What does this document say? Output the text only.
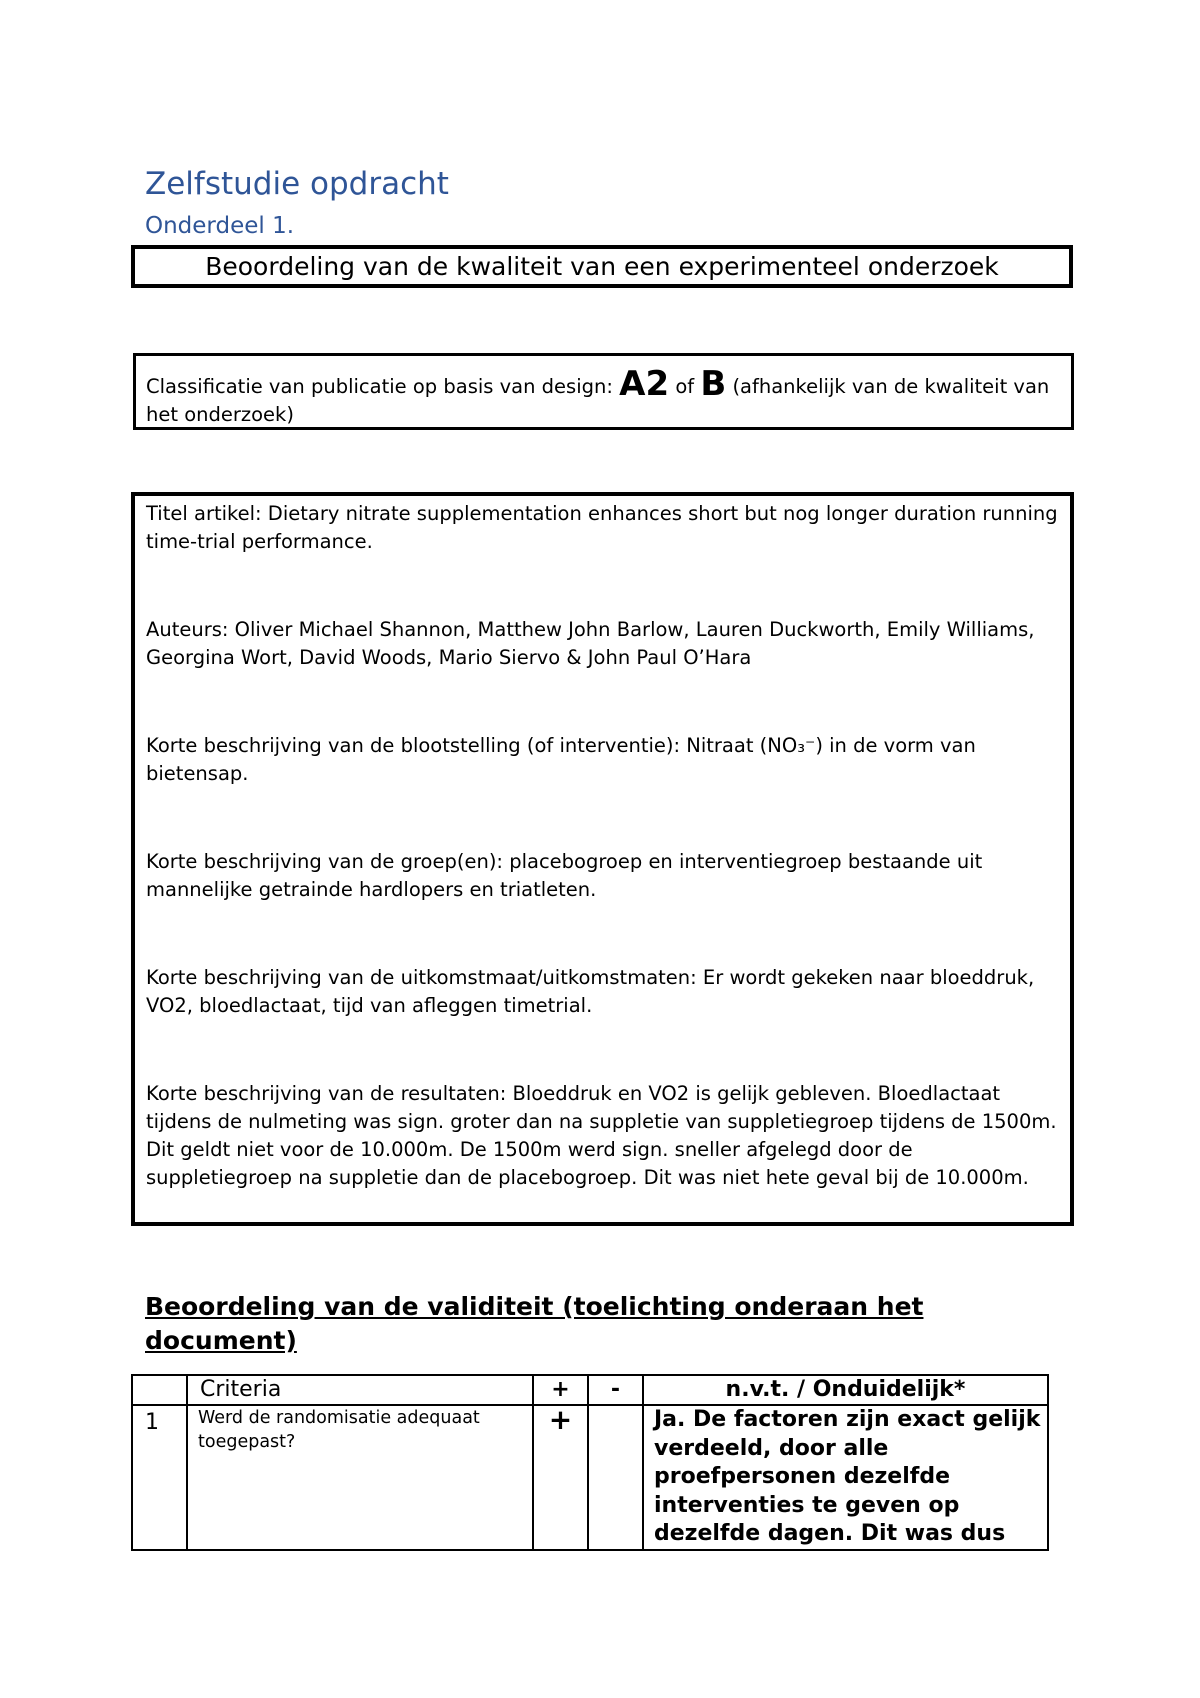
Zelfstudie opdracht
Onderdeel 1.
Beoordeling van de kwaliteit van een experimenteel onderzoek
Classificatie van publicatie op basis van design: A2 of B (afhankelijk van de kwaliteit van het onderzoek)

Titel artikel: Dietary nitrate supplementation enhances short but nog longer duration running time-trial performance.

Auteurs: Oliver Michael Shannon, Matthew John Barlow, Lauren Duckworth, Emily Williams, Georgina Wort, David Woods, Mario Siervo & John Paul O’Hara

Korte beschrijving van de blootstelling (of interventie): Nitraat (NO₃⁻) in de vorm van bietensap.

Korte beschrijving van de groep(en): placebogroep en interventiegroep bestaande uit mannelijke getrainde hardlopers en triatleten.

Korte beschrijving van de uitkomstmaat/uitkomstmaten: Er wordt gekeken naar bloeddruk, VO2, bloedlactaat, tijd van afleggen timetrial.

Korte beschrijving van de resultaten: Bloeddruk en VO2 is gelijk gebleven. Bloedlactaat tijdens de nulmeting was sign. groter dan na suppletie van suppletiegroep tijdens de 1500m. Dit geldt niet voor de 10.000m. De 1500m werd sign. sneller afgelegd door de suppletiegroep na suppletie dan de placebogroep. Dit was niet hete geval bij de 10.000m.

Beoordeling van de validiteit (toelichting onderaan het document)
	Criteria	+	-	n.v.t. / Onduidelijk*

1	Werd de randomisatie adequaat toegepast?	+		Ja. De factoren zijn exact gelijk verdeeld, door alle proefpersonen dezelfde interventies te geven op dezelfde dagen. Dit was dus
